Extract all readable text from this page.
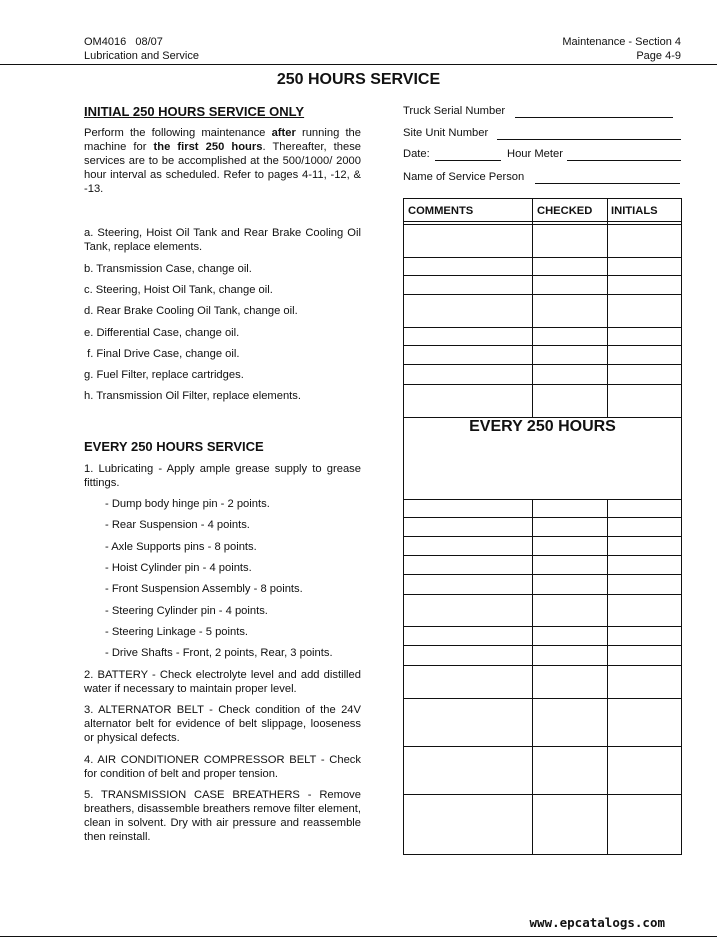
OM4016   08/07
Lubrication and Service
Maintenance - Section 4
Page 4-9
250 HOURS SERVICE
INITIAL 250 HOURS SERVICE ONLY
Perform the following maintenance after running the machine for the first 250 hours. Thereafter, these services are to be accomplished at the 500/1000/ 2000 hour interval as scheduled. Refer to pages 4-11, -12, & -13.
a. Steering, Hoist Oil Tank and Rear Brake Cooling Oil Tank, replace elements.
b. Transmission Case, change oil.
c. Steering, Hoist Oil Tank, change oil.
d. Rear Brake Cooling Oil Tank, change oil.
e. Differential Case, change oil.
f. Final Drive Case, change oil.
g. Fuel Filter, replace cartridges.
h. Transmission Oil Filter, replace elements.
EVERY 250 HOURS SERVICE
1. Lubricating - Apply ample grease supply to grease fittings.
- Dump body hinge pin - 2 points.
- Rear Suspension - 4 points.
- Axle Supports pins - 8 points.
- Hoist Cylinder pin - 4 points.
- Front Suspension Assembly - 8 points.
- Steering Cylinder pin - 4 points.
- Steering Linkage - 5 points.
- Drive Shafts - Front, 2 points, Rear, 3 points.
2. BATTERY - Check electrolyte level and add distilled water if necessary to maintain proper level.
3. ALTERNATOR BELT - Check condition of the 24V alternator belt for evidence of belt slippage, looseness or physical defects.
4. AIR CONDITIONER COMPRESSOR BELT - Check for condition of belt and proper tension.
5. TRANSMISSION CASE BREATHERS - Remove breathers, disassemble breathers remove filter element, clean in solvent. Dry with air pressure and reassemble then reinstall.
Truck Serial Number
Site Unit Number
Date:	Hour Meter
Name of Service Person
COMMENTS	CHECKED INITIALS
EVERY 250 HOURS
www.epcatalogs.com
